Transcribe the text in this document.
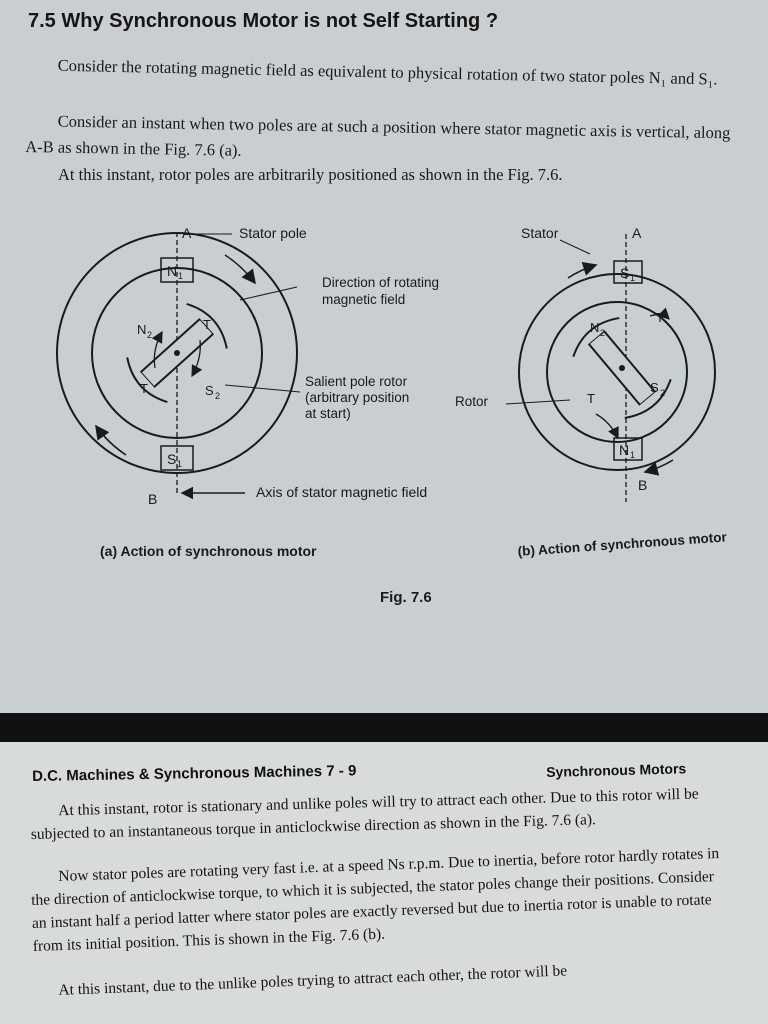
7.5 Why Synchronous Motor is not Self Starting ?

Consider the rotating magnetic field as equivalent to physical rotation of two stator poles N₁ and S₁.

Consider an instant when two poles are at such a position where stator magnetic axis is vertical, along A-B as shown in the Fig. 7.6 (a).

At this instant, rotor poles are arbitrarily positioned as shown in the Fig. 7.6.

A
B
N 1
S 1
N 2
S 2
T
T
Stator pole
Direction of rotating
magnetic field
Salient pole rotor
(arbitrary position
at start)
Axis of stator magnetic field
A
B
S 1
N 1
N 2
S 2
T
T
Stator
Rotor
(a) Action of synchronous motor	(b) Action of synchronous motor
Fig. 7.6
D.C. Machines & Synchronous Machines 7 - 9	Synchronous Motors

At this instant, rotor is stationary and unlike poles will try to attract each other. Due to this rotor will be subjected to an instantaneous torque in anticlockwise direction as shown in the Fig. 7.6 (a).

Now stator poles are rotating very fast i.e. at a speed Ns r.p.m. Due to inertia, before rotor hardly rotates in the direction of anticlockwise torque, to which it is subjected, the stator poles change their positions. Consider an instant half a period latter where stator poles are exactly reversed but due to inertia rotor is unable to rotate from its initial position. This is shown in the Fig. 7.6 (b).

At this instant, due to the unlike poles trying to attract each other, the rotor will be
